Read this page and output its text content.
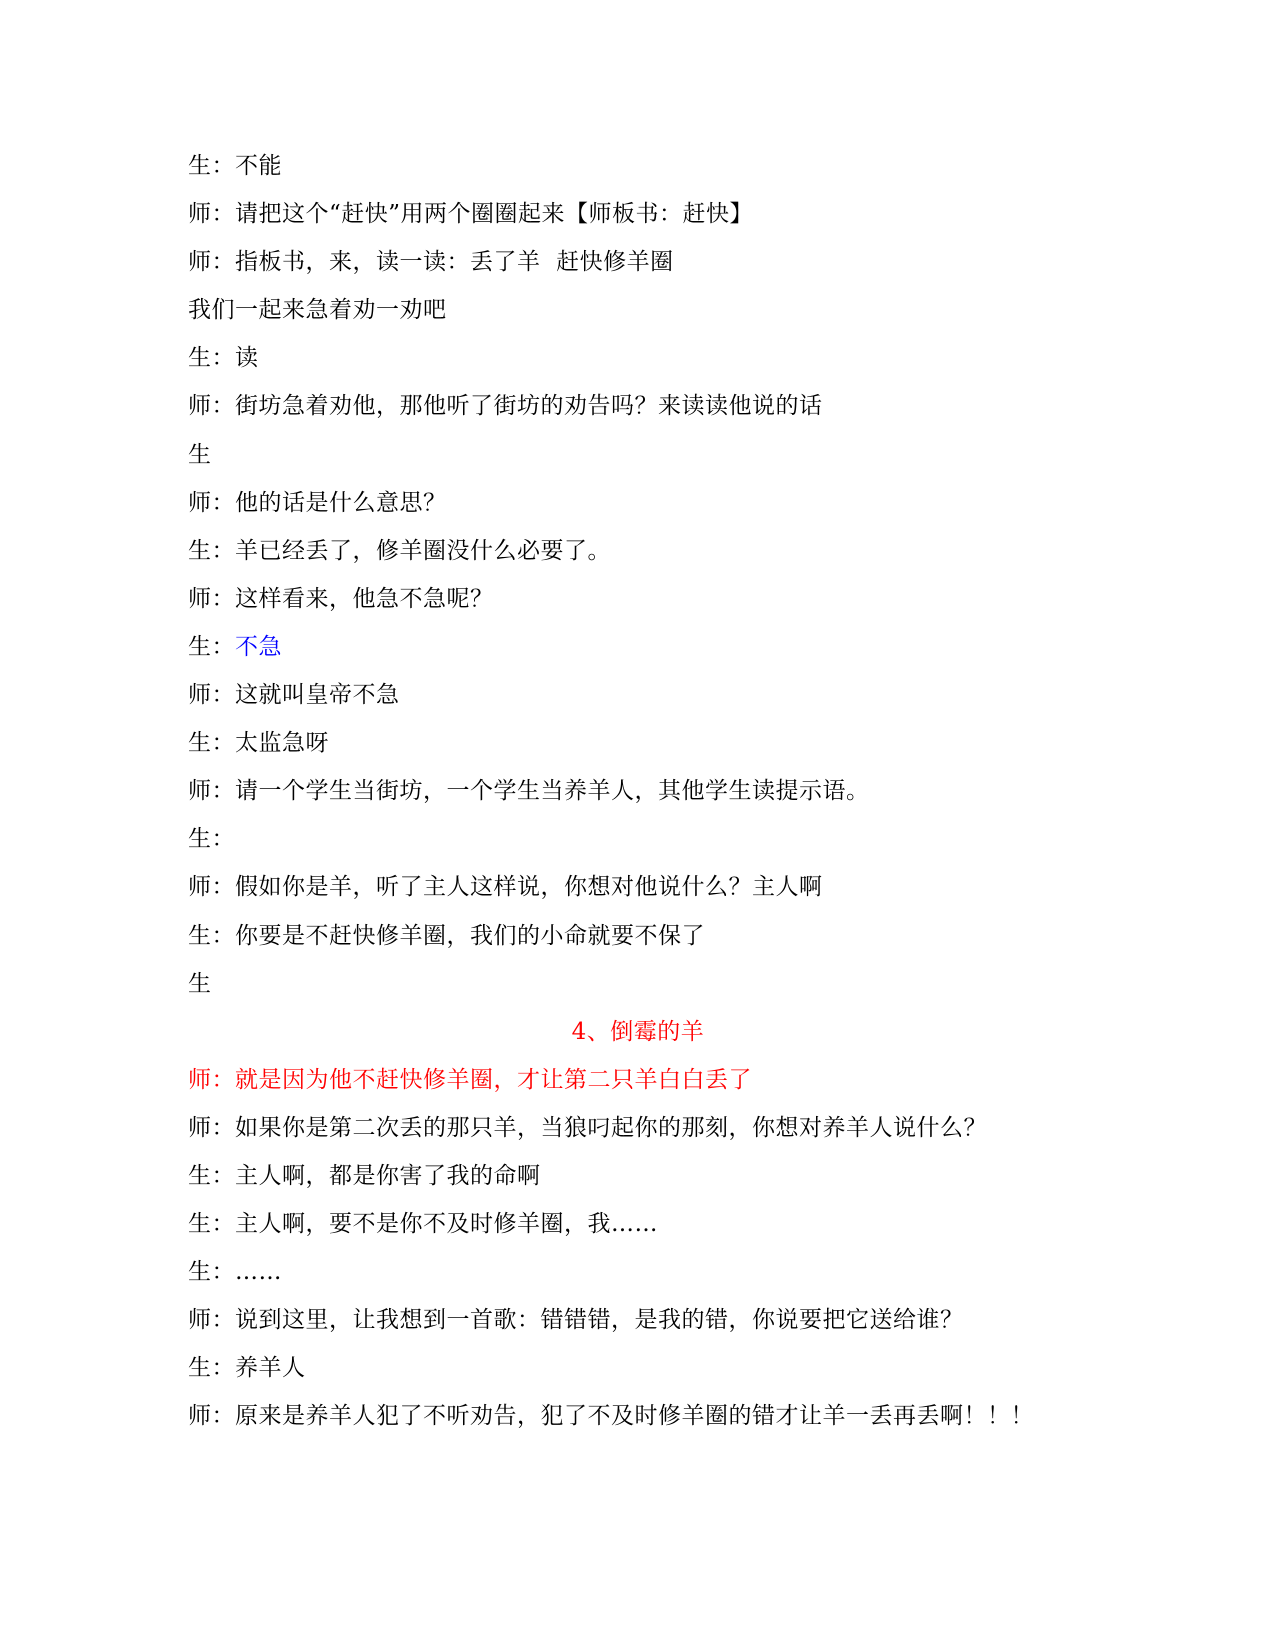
生：不能
师：请把这个“赶快”用两个圈圈起来【师板书：赶快】
师：指板书，来，读一读：丢了羊  赶快修羊圈
我们一起来急着劝一劝吧
生：读
师：街坊急着劝他，那他听了街坊的劝告吗？来读读他说的话
生
师：他的话是什么意思？
生：羊已经丢了，修羊圈没什么必要了。
师：这样看来，他急不急呢？
生：不急
师：这就叫皇帝不急
生：太监急呀
师：请一个学生当街坊，一个学生当养羊人，其他学生读提示语。
生：
师：假如你是羊，听了主人这样说，你想对他说什么？主人啊
生：你要是不赶快修羊圈，我们的小命就要不保了
生
4、倒霉的羊
师：就是因为他不赶快修羊圈，才让第二只羊白白丢了
师：如果你是第二次丢的那只羊，当狼叼起你的那刻，你想对养羊人说什么？
生：主人啊，都是你害了我的命啊
生：主人啊，要不是你不及时修羊圈，我……
生：……
师：说到这里，让我想到一首歌：错错错，是我的错，你说要把它送给谁？
生：养羊人
师：原来是养羊人犯了不听劝告，犯了不及时修羊圈的错才让羊一丢再丢啊！！！
